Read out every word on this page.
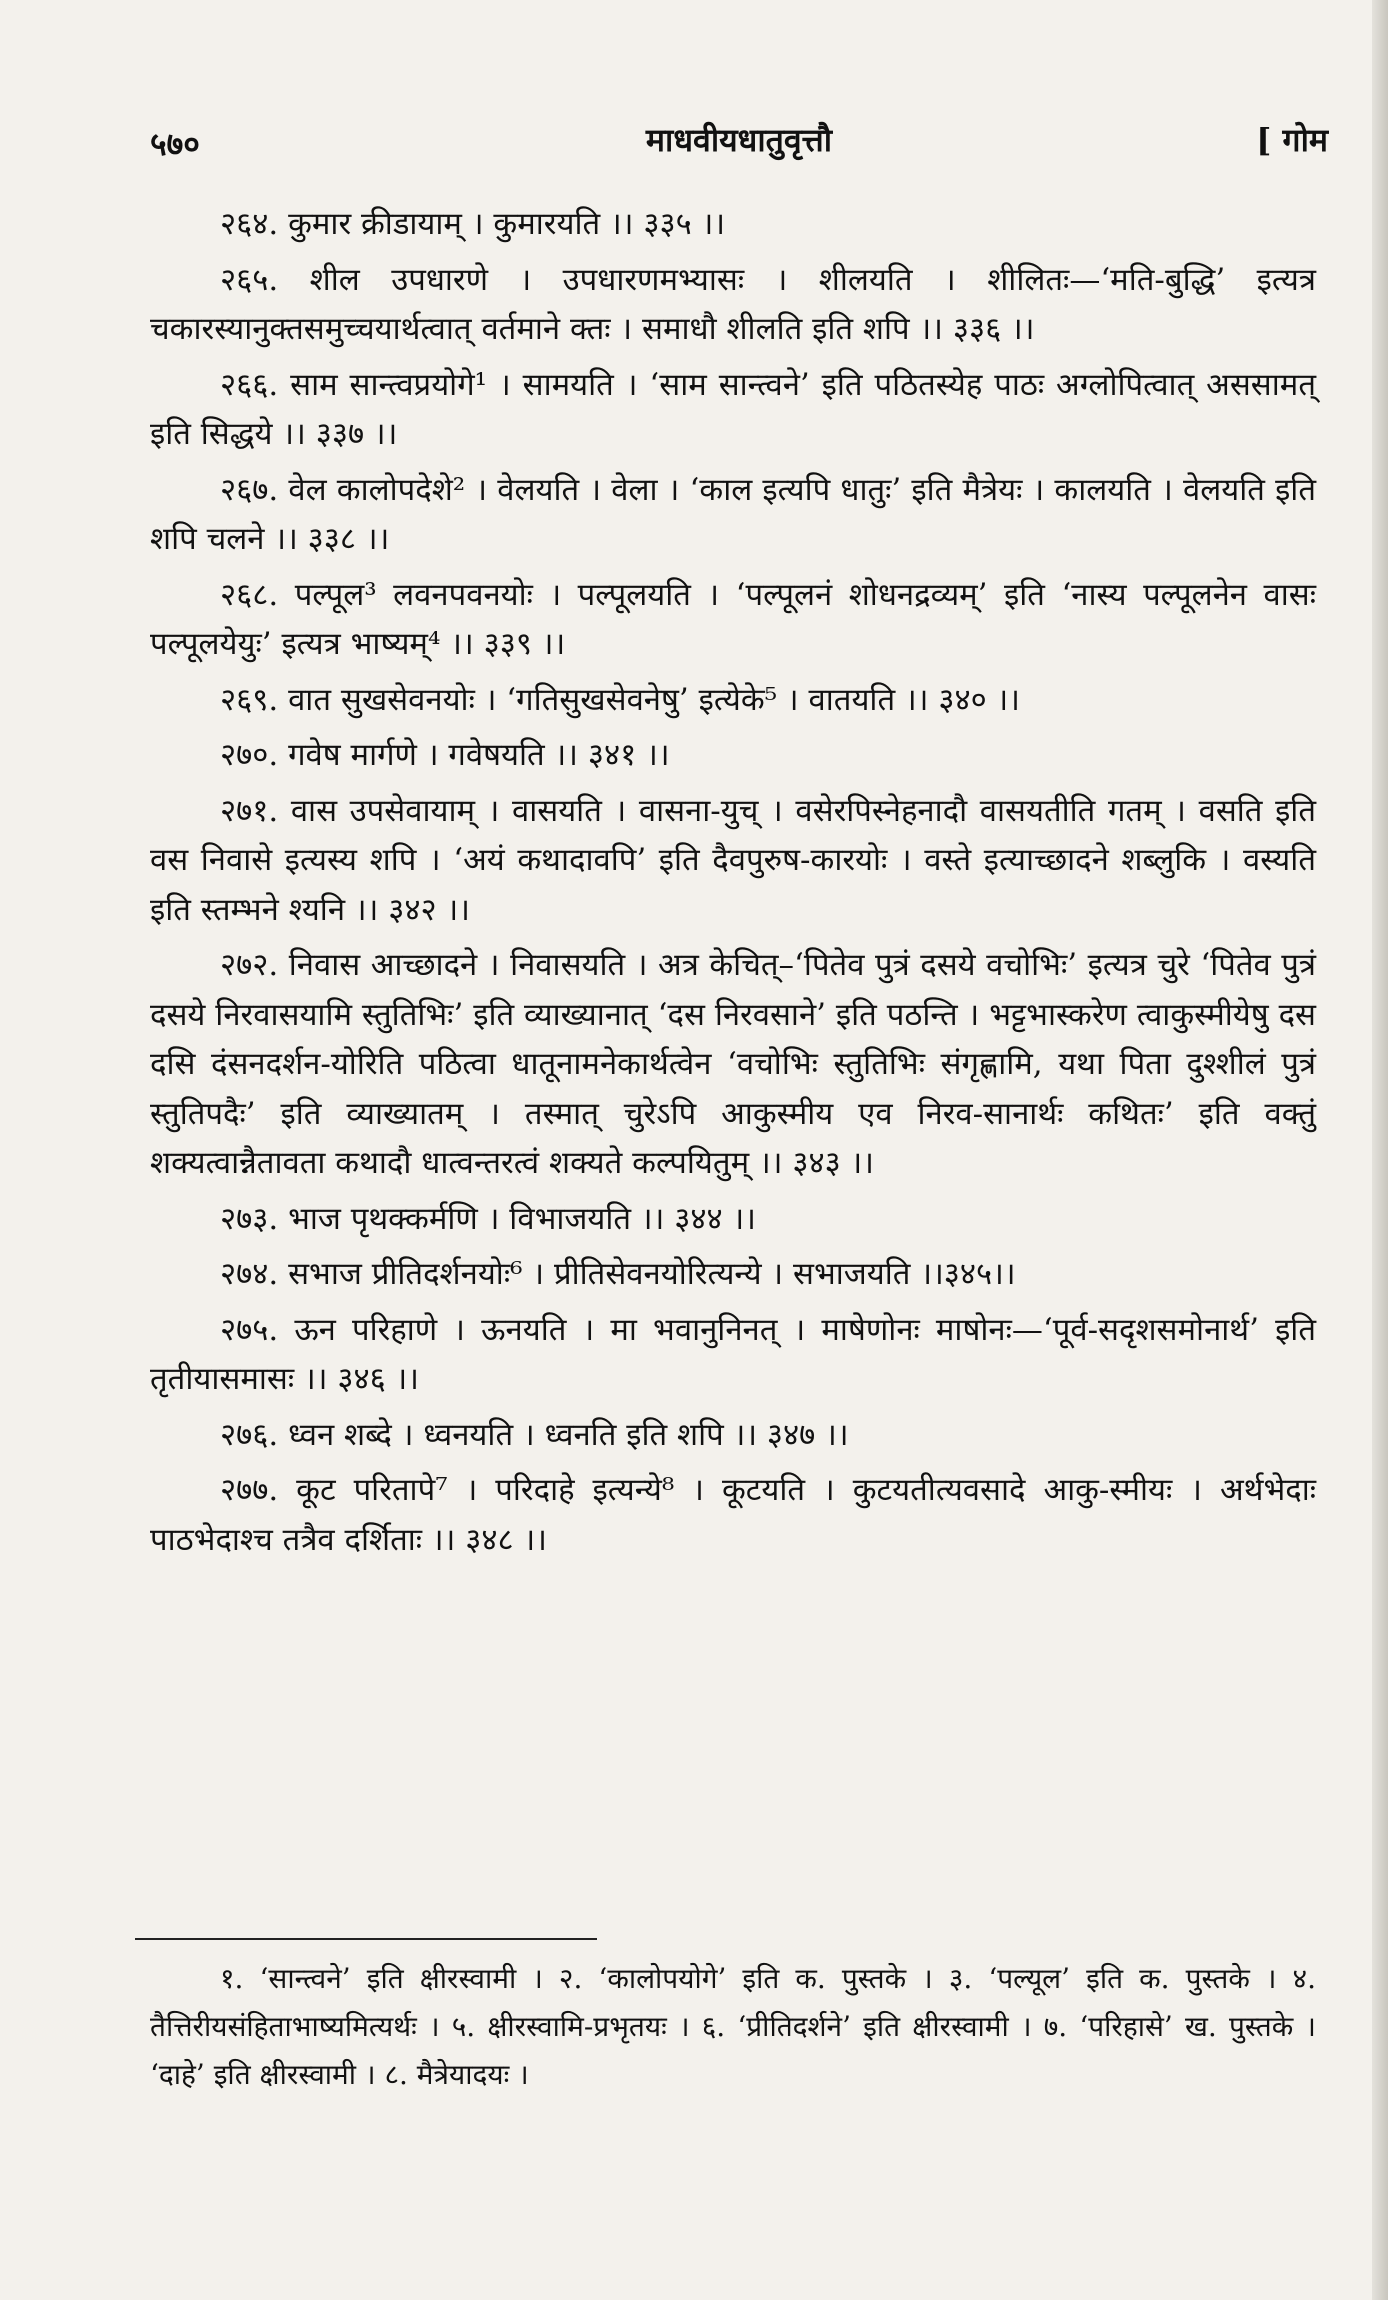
५७०	माधवीयधातुवृत्तौ	[ गोम

२६४. कुमार क्रीडायाम् । कुमारयति ।। ३३५ ।।

२६५. शील उपधारणे । उपधारणमभ्यासः । शीलयति । शीलितः—‘मति-बुद्धि’ इत्यत्र चकारस्यानुक्तसमुच्चयार्थत्वात् वर्तमाने क्तः । समाधौ शीलति इति शपि ।। ३३६ ।।

२६६. साम सान्त्वप्रयोगे¹ । सामयति । ‘साम सान्त्वने’ इति पठितस्येह पाठः अग्लोपित्वात् अससामत् इति सिद्धये ।। ३३७ ।।

२६७. वेल कालोपदेशे² । वेलयति । वेला । ‘काल इत्यपि धातुः’ इति मैत्रेयः । कालयति । वेलयति इति शपि चलने ।। ३३८ ।।

२६८. पल्पूल³ लवनपवनयोः । पल्पूलयति । ‘पल्पूलनं शोधनद्रव्यम्’ इति ‘नास्य पल्पूलनेन वासः पल्पूलयेयुः’ इत्यत्र भाष्यम्⁴ ।। ३३९ ।।

२६९. वात सुखसेवनयोः । ‘गतिसुखसेवनेषु’ इत्येके⁵ । वातयति ।। ३४० ।।

२७०. गवेष मार्गणे । गवेषयति ।। ३४१ ।।

२७१. वास उपसेवायाम् । वासयति । वासना-युच् । वसेरपिस्नेहनादौ वासयतीति गतम् । वसति इति वस निवासे इत्यस्य शपि । ‘अयं कथादावपि’ इति दैवपुरुष-कारयोः । वस्ते इत्याच्छादने शब्लुकि । वस्यति इति स्तम्भने श्यनि ।। ३४२ ।।

२७२. निवास आच्छादने । निवासयति । अत्र केचित्–‘पितेव पुत्रं दसये वचोभिः’ इत्यत्र चुरे ‘पितेव पुत्रं दसये निरवासयामि स्तुतिभिः’ इति व्याख्यानात् ‘दस निरवसाने’ इति पठन्ति । भट्टभास्करेण त्वाकुस्मीयेषु दस दसि दंसनदर्शन-योरिति पठित्वा धातूनामनेकार्थत्वेन ‘वचोभिः स्तुतिभिः संगृह्णामि, यथा पिता दुश्शीलं पुत्रं स्तुतिपदैः’ इति व्याख्यातम् । तस्मात् चुरेऽपि आकुस्मीय एव निरव-सानार्थः कथितः’ इति वक्तुं शक्यत्वान्नैतावता कथादौ धात्वन्तरत्वं शक्यते कल्पयितुम् ।। ३४३ ।।

२७३. भाज पृथक्कर्मणि । विभाजयति ।। ३४४ ।।

२७४. सभाज प्रीतिदर्शनयोः⁶ । प्रीतिसेवनयोरित्यन्ये । सभाजयति ।।३४५।।

२७५. ऊन परिहाणे । ऊनयति । मा भवानुनिनत् । माषेणोनः माषोनः—‘पूर्व-सदृशसमोनार्थ’ इति तृतीयासमासः ।। ३४६ ।।

२७६. ध्वन शब्दे । ध्वनयति । ध्वनति इति शपि ।। ३४७ ।।

२७७. कूट परितापे⁷ । परिदाहे इत्यन्ये⁸ । कूटयति । कुटयतीत्यवसादे आकु-स्मीयः । अर्थभेदाः पाठभेदाश्च तत्रैव दर्शिताः ।। ३४८ ।।

१. ‘सान्त्वने’ इति क्षीरस्वामी । २. ‘कालोपयोगे’ इति क. पुस्तके । ३. ‘पल्यूल’ इति क. पुस्तके । ४. तैत्तिरीयसंहिताभाष्यमित्यर्थः । ५. क्षीरस्वामि-प्रभृतयः । ६. ‘प्रीतिदर्शने’ इति क्षीरस्वामी । ७. ‘परिहासे’ ख. पुस्तके । ‘दाहे’ इति क्षीरस्वामी । ८. मैत्रेयादयः ।
